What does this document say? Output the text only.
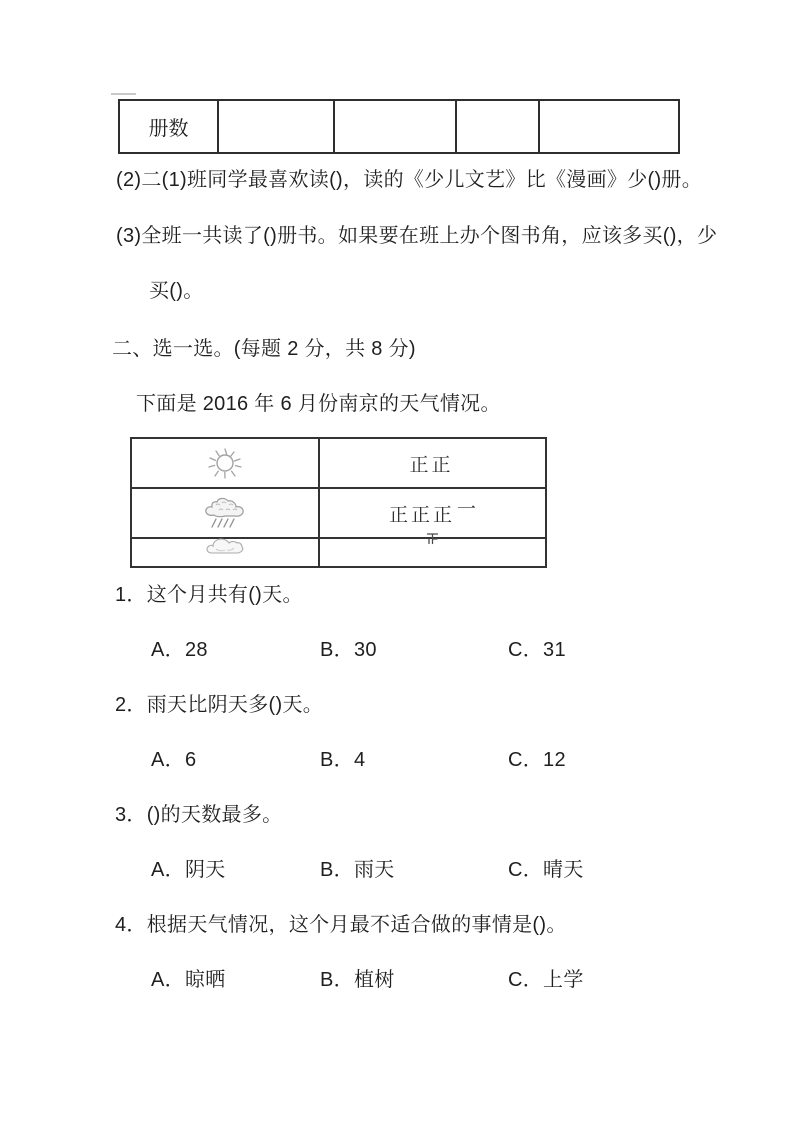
册数
(2)二(1)班同学最喜欢读()，读的《少儿文艺》比《漫画》少()册。
(3)全班一共读了()册书。如果要在班上办个图书角，应该多买()，少
买()。
二、选一选。(每题 2 分，共 8 分)
下面是 2016 年 6 月份南京的天气情况。
正正
正正正 一
1．这个月共有()天。
A．28	B．30	C．31
2．雨天比阴天多()天。
A．6	B．4	C．12
3．()的天数最多。
A．阴天	B．雨天	C．晴天
4．根据天气情况，这个月最不适合做的事情是()。
A．晾晒	B．植树	C．上学
